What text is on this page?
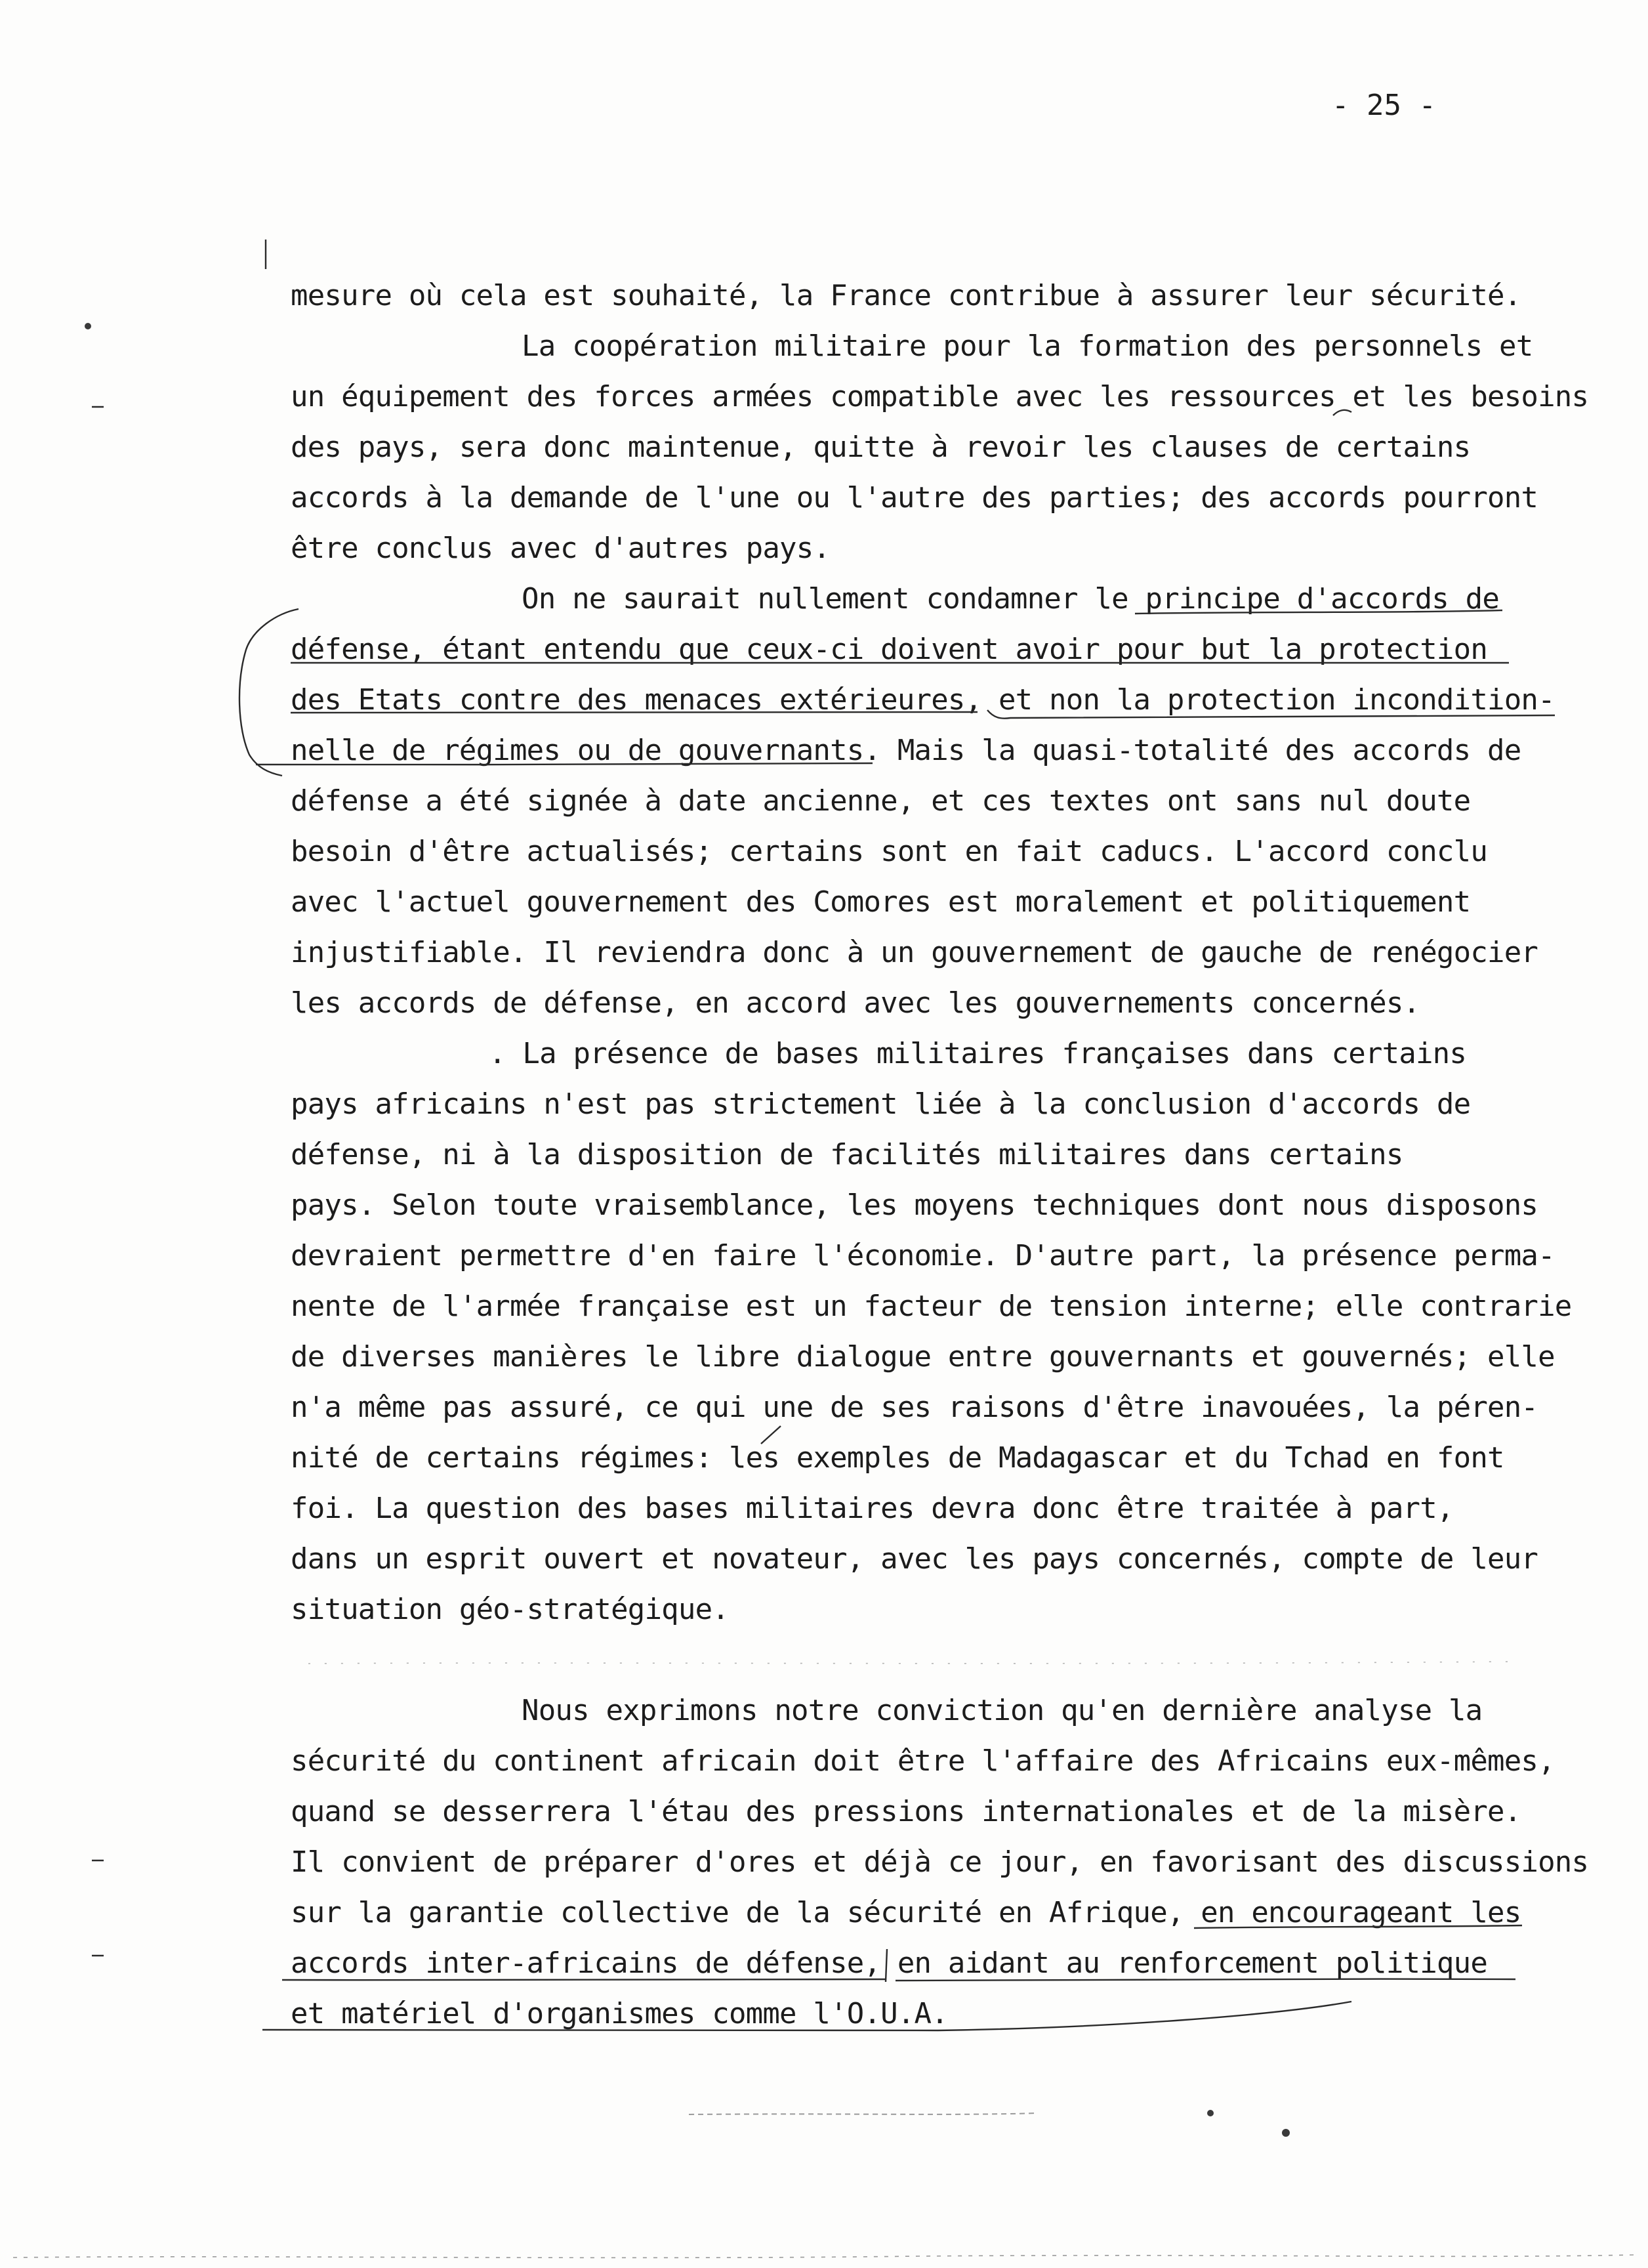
- 25 -
mesure où cela est souhaité, la France contribue à assurer leur sécurité.
La coopération militaire pour la formation des personnels et
un équipement des forces armées compatible avec les ressources et les besoins
des pays, sera donc maintenue, quitte à revoir les clauses de certains
accords à la demande de l'une ou l'autre des parties; des accords pourront
être conclus avec d'autres pays.
On ne saurait nullement condamner le principe d'accords de
défense, étant entendu que ceux-ci doivent avoir pour but la protection
des Etats contre des menaces extérieures, et non la protection incondition-
nelle de régimes ou de gouvernants. Mais la quasi-totalité des accords de
défense a été signée à date ancienne, et ces textes ont sans nul doute
besoin d'être actualisés; certains sont en fait caducs. L'accord conclu
avec l'actuel gouvernement des Comores est moralement et politiquement
injustifiable. Il reviendra donc à un gouvernement de gauche de renégocier
les accords de défense, en accord avec les gouvernements concernés.
. La présence de bases militaires françaises dans certains
pays africains n'est pas strictement liée à la conclusion d'accords de
défense, ni à la disposition de facilités militaires dans certains
pays. Selon toute vraisemblance, les moyens techniques dont nous disposons
devraient permettre d'en faire l'économie. D'autre part, la présence perma-
nente de l'armée française est un facteur de tension interne; elle contrarie
de diverses manières le libre dialogue entre gouvernants et gouvernés; elle
n'a même pas assuré, ce qui une de ses raisons d'être inavouées, la péren-
nité de certains régimes: les exemples de Madagascar et du Tchad en font
foi. La question des bases militaires devra donc être traitée à part,
dans un esprit ouvert et novateur, avec les pays concernés, compte de leur
situation géo-stratégique.
Nous exprimons notre conviction qu'en dernière analyse la
sécurité du continent africain doit être l'affaire des Africains eux-mêmes,
quand se desserrera l'étau des pressions internationales et de la misère.
Il convient de préparer d'ores et déjà ce jour, en favorisant des discussions
sur la garantie collective de la sécurité en Afrique, en encourageant les
accords inter-africains de défense, en aidant au renforcement politique
et matériel d'organismes comme l'O.U.A.
